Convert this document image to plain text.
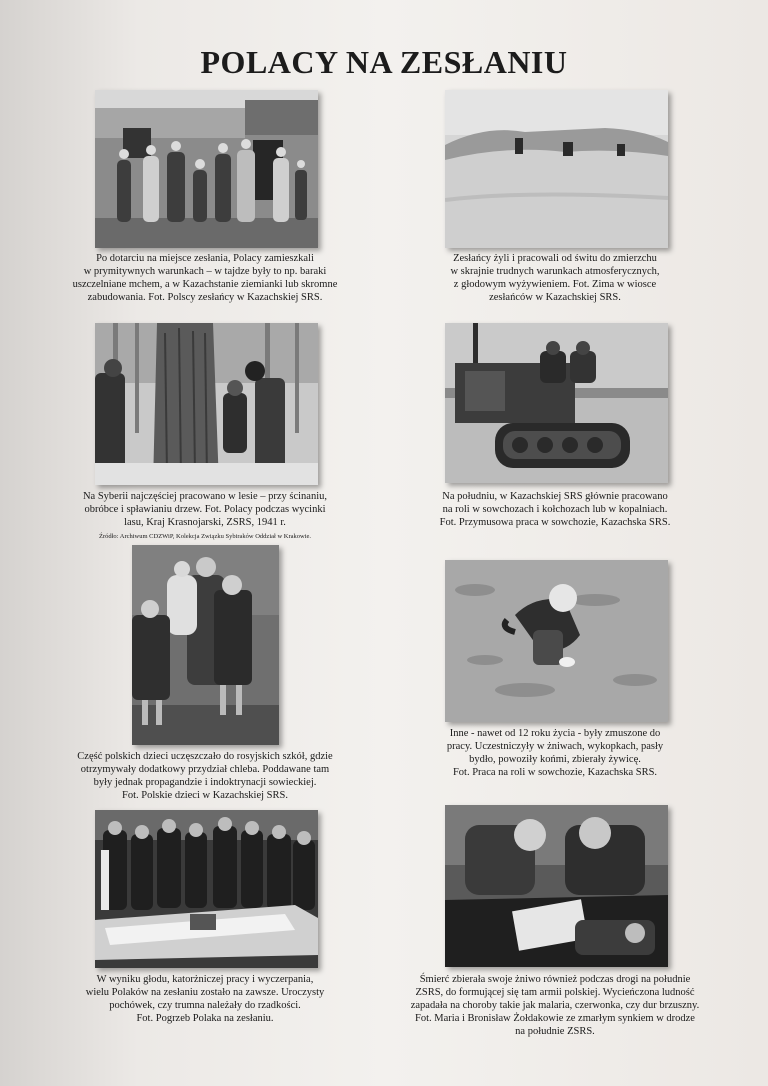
POLACY NA ZESŁANIU
Po dotarciu na miejsce zesłania, Polacy zamieszkali
w prymitywnych warunkach – w tajdze były to np. baraki
uszczelniane mchem, a w Kazachstanie ziemianki lub skromne
zabudowania. Fot. Polscy zesłańcy w Kazachskiej SRS.
Zesłańcy żyli i pracowali od świtu do zmierzchu
w skrajnie trudnych warunkach atmosferycznych,
z głodowym wyżywieniem. Fot. Zima w wiosce
zesłańców w Kazachskiej SRS.
Na Syberii najczęściej pracowano w lesie – przy ścinaniu,
obróbce i spławianiu drzew. Fot. Polacy podczas wycinki
lasu, Kraj Krasnojarski, ZSRS, 1941 r.
Źródło: Archiwum CDZWiP, Kolekcja Związku Sybiraków Oddział w Krakowie.
Na południu, w Kazachskiej SRS głównie pracowano
na roli w sowchozach i kołchozach lub w kopalniach.
Fot. Przymusowa praca w sowchozie, Kazachska SRS.
Część polskich dzieci uczęszczało do rosyjskich szkół, gdzie
otrzymywały dodatkowy przydział chleba. Poddawane tam
były jednak propagandzie i indoktrynacji sowieckiej.
Fot. Polskie dzieci w Kazachskiej SRS.
Inne - nawet od 12 roku życia - były zmuszone do
pracy. Uczestniczyły w żniwach, wykopkach, pasły
bydło, powoziły końmi, zbierały żywicę.
Fot. Praca na roli w sowchozie, Kazachska SRS.
W wyniku głodu, katorżniczej pracy i wyczerpania,
wielu Polaków na zesłaniu zostało na zawsze. Uroczysty
pochówek, czy trumna należały do rzadkości.
Fot. Pogrzeb Polaka na zesłaniu.
Śmierć zbierała swoje żniwo również podczas drogi na południe
ZSRS, do formującej się tam armii polskiej. Wycieńczona ludność
zapadała na choroby takie jak malaria, czerwonka, czy dur brzuszny.
Fot. Maria i Bronisław Żołdakowie ze zmarłym synkiem w drodze
na południe ZSRS.
